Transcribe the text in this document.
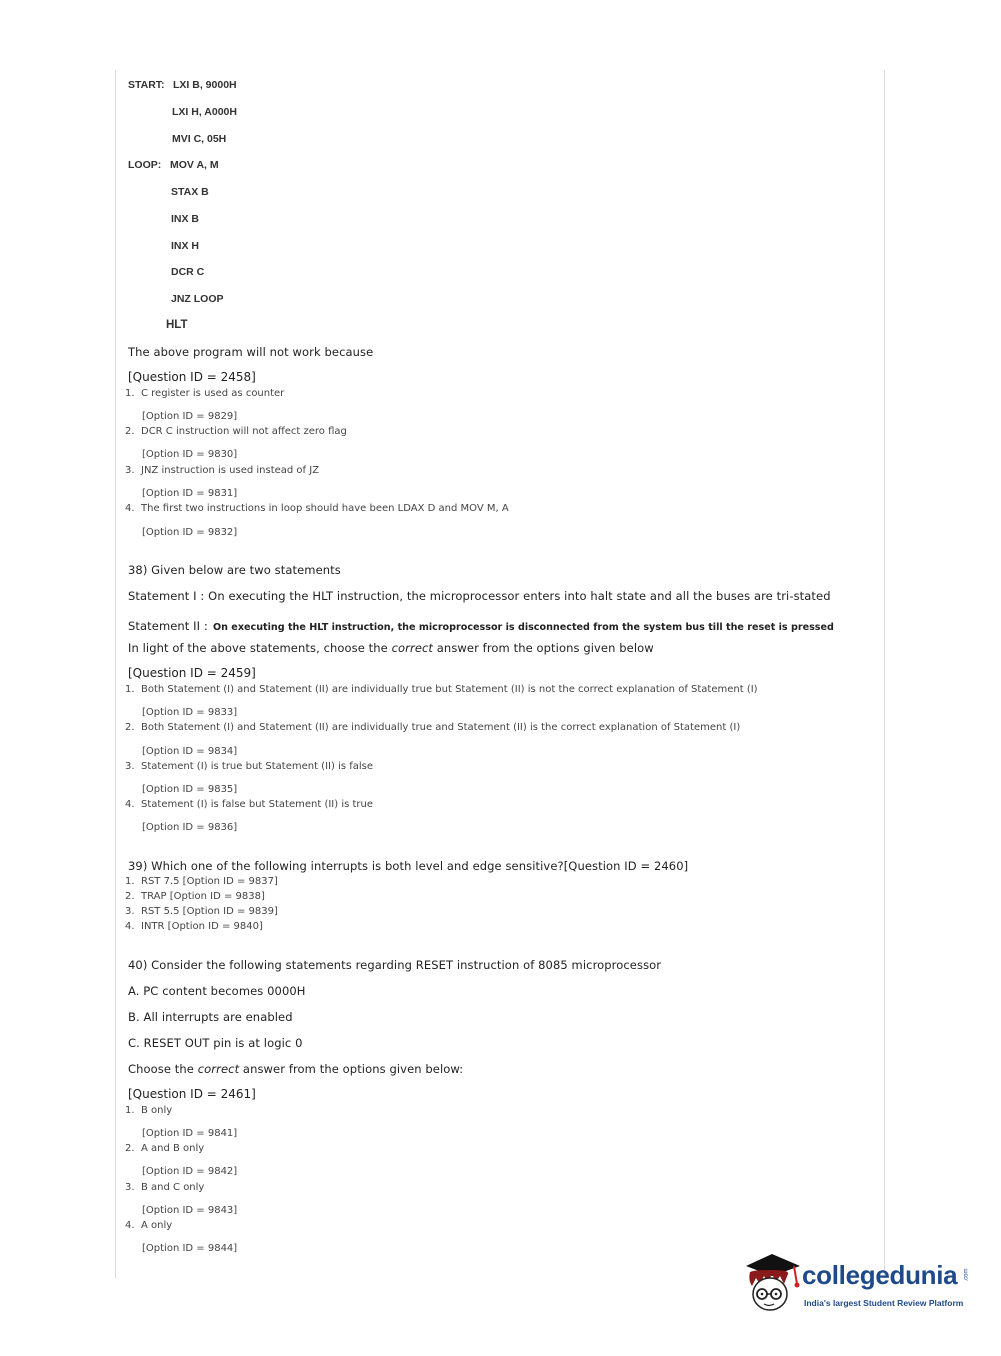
START: LXI B, 9000H
LXI H, A000H
MVI C, 05H
LOOP: MOV A, M
STAX B
INX B
INX H
DCR C
JNZ LOOP
HLT
The above program will not work because
[Question ID = 2458]
1. C register is used as counter
[Option ID = 9829]
2. DCR C instruction will not affect zero flag
[Option ID = 9830]
3. JNZ instruction is used instead of JZ
[Option ID = 9831]
4. The first two instructions in loop should have been LDAX D and MOV M, A
[Option ID = 9832]
38) Given below are two statements
Statement I : On executing the HLT instruction, the microprocessor enters into halt state and all the buses are tri-stated
Statement II : On executing the HLT instruction, the microprocessor is disconnected from the system bus till the reset is pressed
In light of the above statements, choose the correct answer from the options given below
[Question ID = 2459]
1. Both Statement (I) and Statement (II) are individually true but Statement (II) is not the correct explanation of Statement (I)
[Option ID = 9833]
2. Both Statement (I) and Statement (II) are individually true and Statement (II) is the correct explanation of Statement (I)
[Option ID = 9834]
3. Statement (I) is true but Statement (II) is false
[Option ID = 9835]
4. Statement (I) is false but Statement (II) is true
[Option ID = 9836]
39) Which one of the following interrupts is both level and edge sensitive?[Question ID = 2460]
1. RST 7.5 [Option ID = 9837]
2. TRAP [Option ID = 9838]
3. RST 5.5 [Option ID = 9839]
4. INTR [Option ID = 9840]
40) Consider the following statements regarding RESET instruction of 8085 microprocessor
A. PC content becomes 0000H
B. All interrupts are enabled
C. RESET OUT pin is at logic 0
Choose the correct answer from the options given below:
[Question ID = 2461]
1. B only
[Option ID = 9841]
2. A and B only
[Option ID = 9842]
3. B and C only
[Option ID = 9843]
4. A only
[Option ID = 9844]
collegedunia .com
India's largest Student Review Platform
